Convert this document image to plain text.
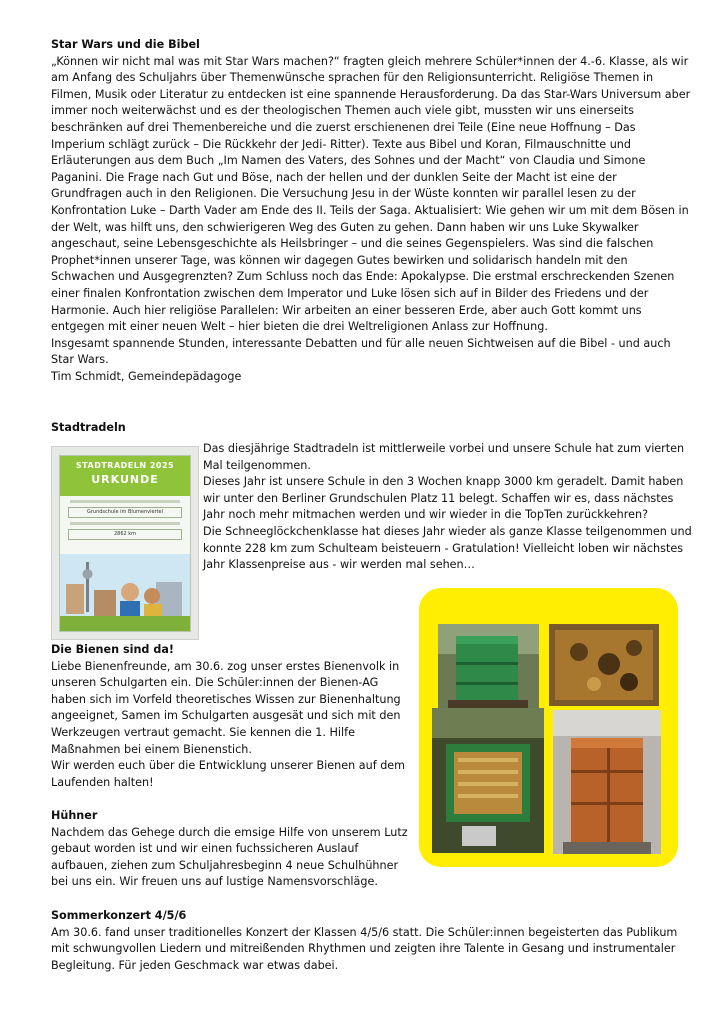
Star Wars und die Bibel

„Können wir nicht mal was mit Star Wars machen?“ fragten gleich mehrere Schüler*innen der 4.-6. Klasse, als wir am Anfang des Schuljahrs über Themenwünsche sprachen für den Religionsunterricht. Religiöse Themen in Filmen, Musik oder Literatur zu entdecken ist eine spannende Herausforderung. Da das Star-Wars Universum aber immer noch weiterwächst und es der theologischen Themen auch viele gibt, mussten wir uns einerseits beschränken auf drei Themenbereiche und die zuerst erschienenen drei Teile (Eine neue Hoffnung – Das Imperium schlägt zurück – Die Rückkehr der Jedi- Ritter). Texte aus Bibel und Koran, Filmauschnitte und Erläuterungen aus dem Buch „Im Namen des Vaters, des Sohnes und der Macht“ von Claudia und Simone Paganini. Die Frage nach Gut und Böse, nach der hellen und der dunklen Seite der Macht ist eine der Grundfragen auch in den Religionen. Die Versuchung Jesu in der Wüste konnten wir parallel lesen zu der Konfrontation Luke – Darth Vader am Ende des II. Teils der Saga. Aktualisiert: Wie gehen wir um mit dem Bösen in der Welt, was hilft uns, den schwierigeren Weg des Guten zu gehen. Dann haben wir uns Luke Skywalker angeschaut, seine Lebensgeschichte als Heilsbringer – und die seines Gegenspielers. Was sind die falschen Prophet*innen unserer Tage, was können wir dagegen Gutes bewirken und solidarisch handeln mit den Schwachen und Ausgegrenzten? Zum Schluss noch das Ende: Apokalypse. Die erstmal erschreckenden Szenen einer finalen Konfrontation zwischen dem Imperator und Luke lösen sich auf in Bilder des Friedens und der Harmonie. Auch hier religiöse Parallelen: Wir arbeiten an einer besseren Erde, aber auch Gott kommt uns entgegen mit einer neuen Welt – hier bieten die drei Weltreligionen Anlass zur Hoffnung.

Insgesamt spannende Stunden, interessante Debatten und für alle neuen Sichtweisen auf die Bibel - und auch Star Wars.

Tim Schmidt, Gemeindepädagoge

Stadtradeln
STADTRADELN 2025
URKUNDE
Grundschule im Blumenviertel
2862 km

Das diesjährige Stadtradeln ist mittlerweile vorbei und unsere Schule hat zum vierten Mal teilgenommen.

Dieses Jahr ist unsere Schule in den 3 Wochen knapp 3000 km geradelt. Damit haben wir unter den Berliner Grundschulen Platz 11 belegt. Schaffen wir es, dass nächstes Jahr noch mehr mitmachen werden und wir wieder in die TopTen zurückkehren?

Die Schneeglöckchenklasse hat dieses Jahr wieder als ganze Klasse teilgenommen und konnte 228 km zum Schulteam beisteuern - Gratulation! Vielleicht loben wir nächstes Jahr Klassenpreise aus - wir werden mal sehen…

Die Bienen sind da!

Liebe Bienenfreunde, am 30.6. zog unser erstes Bienenvolk in unseren Schulgarten ein. Die Schüler:innen der Bienen-AG haben sich im Vorfeld theoretisches Wissen zur Bienenhaltung angeeignet, Samen im Schulgarten ausgesät und sich mit den Werkzeugen vertraut gemacht. Sie kennen die 1. Hilfe Maßnahmen bei einem Bienenstich.

Wir werden euch über die Entwicklung unserer Bienen auf dem Laufenden halten!

Hühner

Nachdem das Gehege durch die emsige Hilfe von unserem Lutz gebaut worden ist und wir einen fuchssicheren Auslauf aufbauen, ziehen zum Schuljahresbeginn 4 neue Schulhühner bei uns ein. Wir freuen uns auf lustige Namensvorschläge.

Sommerkonzert 4/5/6

Am 30.6. fand unser traditionelles Konzert der Klassen 4/5/6 statt. Die Schüler:innen begeisterten das Publikum mit schwungvollen Liedern und mitreißenden Rhythmen und zeigten ihre Talente in Gesang und instrumentaler Begleitung. Für jeden Geschmack war etwas dabei.
